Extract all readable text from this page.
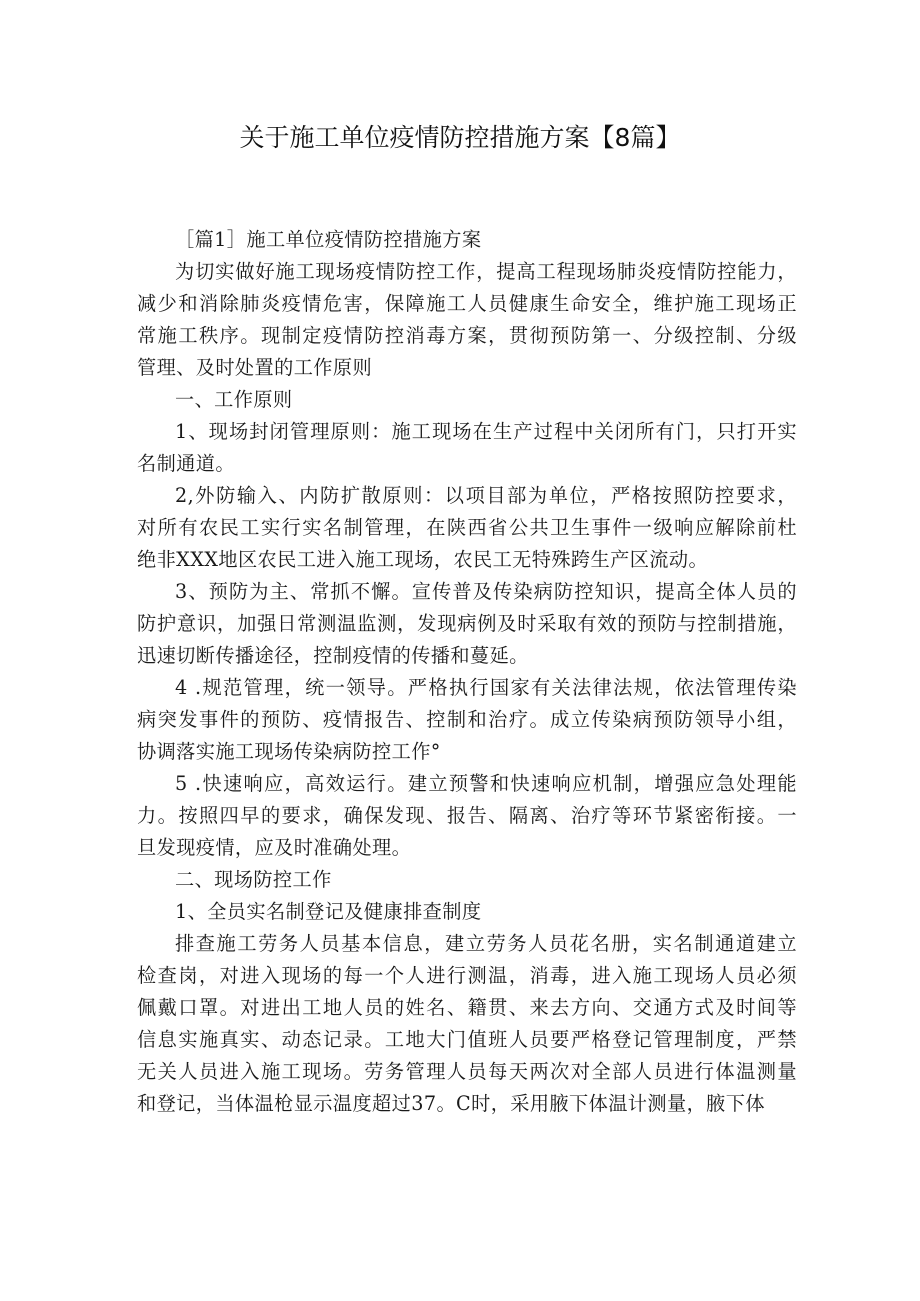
关于施工单位疫情防控措施方案【8篇】
［篇1］施工单位疫情防控措施方案
为切实做好施工现场疫情防控工作，提高工程现场肺炎疫情防控能力，
减少和消除肺炎疫情危害，保障施工人员健康生命安全，维护施工现场正
常施工秩序。现制定疫情防控消毒方案，贯彻预防第一、分级控制、分级
管理、及时处置的工作原则
一、工作原则
1、现场封闭管理原则：施工现场在生产过程中关闭所有门，只打开实
名制通道。
2,外防输入、内防扩散原则：以项目部为单位，严格按照防控要求，
对所有农民工实行实名制管理，在陕西省公共卫生事件一级响应解除前杜
绝非XXX地区农民工进入施工现场，农民工无特殊跨生产区流动。
3、预防为主、常抓不懈。宣传普及传染病防控知识，提高全体人员的
防护意识，加强日常测温监测，发现病例及时采取有效的预防与控制措施，
迅速切断传播途径，控制疫情的传播和蔓延。
4 .规范管理，统一领导。严格执行国家有关法律法规，依法管理传染
病突发事件的预防、疫情报告、控制和治疗。成立传染病预防领导小组，
协调落实施工现场传染病防控工作°
5 .快速响应，高效运行。建立预警和快速响应机制，增强应急处理能
力。按照四早的要求，确保发现、报告、隔离、治疗等环节紧密衔接。一
旦发现疫情，应及时准确处理。
二、现场防控工作
1、全员实名制登记及健康排查制度
排查施工劳务人员基本信息，建立劳务人员花名册，实名制通道建立
检查岗，对进入现场的每一个人进行测温，消毒，进入施工现场人员必须
佩戴口罩。对进出工地人员的姓名、籍贯、来去方向、交通方式及时间等
信息实施真实、动态记录。工地大门值班人员要严格登记管理制度，严禁
无关人员进入施工现场。劳务管理人员每天两次对全部人员进行体温测量
和登记，当体温枪显示温度超过37。C时，采用腋下体温计测量，腋下体
